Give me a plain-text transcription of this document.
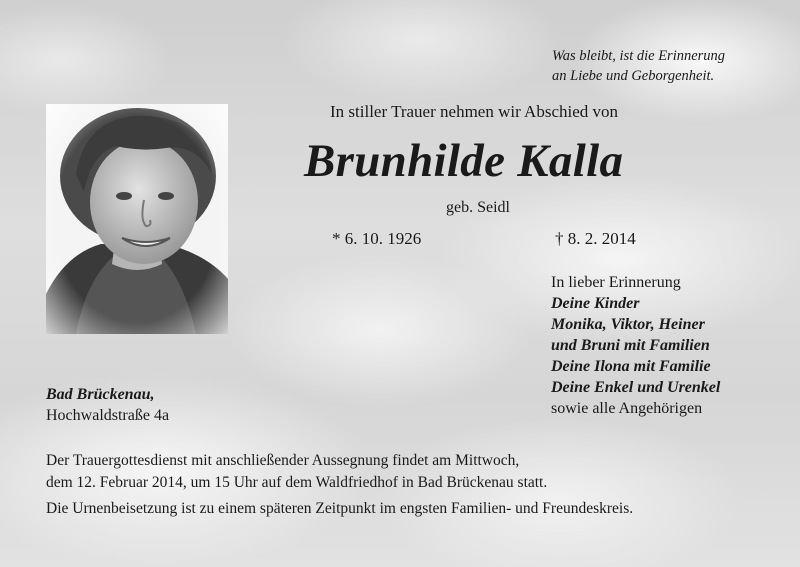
Was bleibt, ist die Erinnerung
an Liebe und Geborgenheit.
In stiller Trauer nehmen wir Abschied von
Brunhilde Kalla
geb. Seidl
* 6. 10. 1926	† 8. 2. 2014
In lieber Erinnerung
Deine Kinder
Monika, Viktor, Heiner
und Bruni mit Familien
Deine Ilona mit Familie
Deine Enkel und Urenkel
sowie alle Angehörigen
Bad Brückenau,
Hochwaldstraße 4a
Der Trauergottesdienst mit anschließender Aussegnung findet am Mittwoch,
dem 12. Februar 2014, um 15 Uhr auf dem Waldfriedhof in Bad Brückenau statt.
Die Urnenbeisetzung ist zu einem späteren Zeitpunkt im engsten Familien- und Freundeskreis.
